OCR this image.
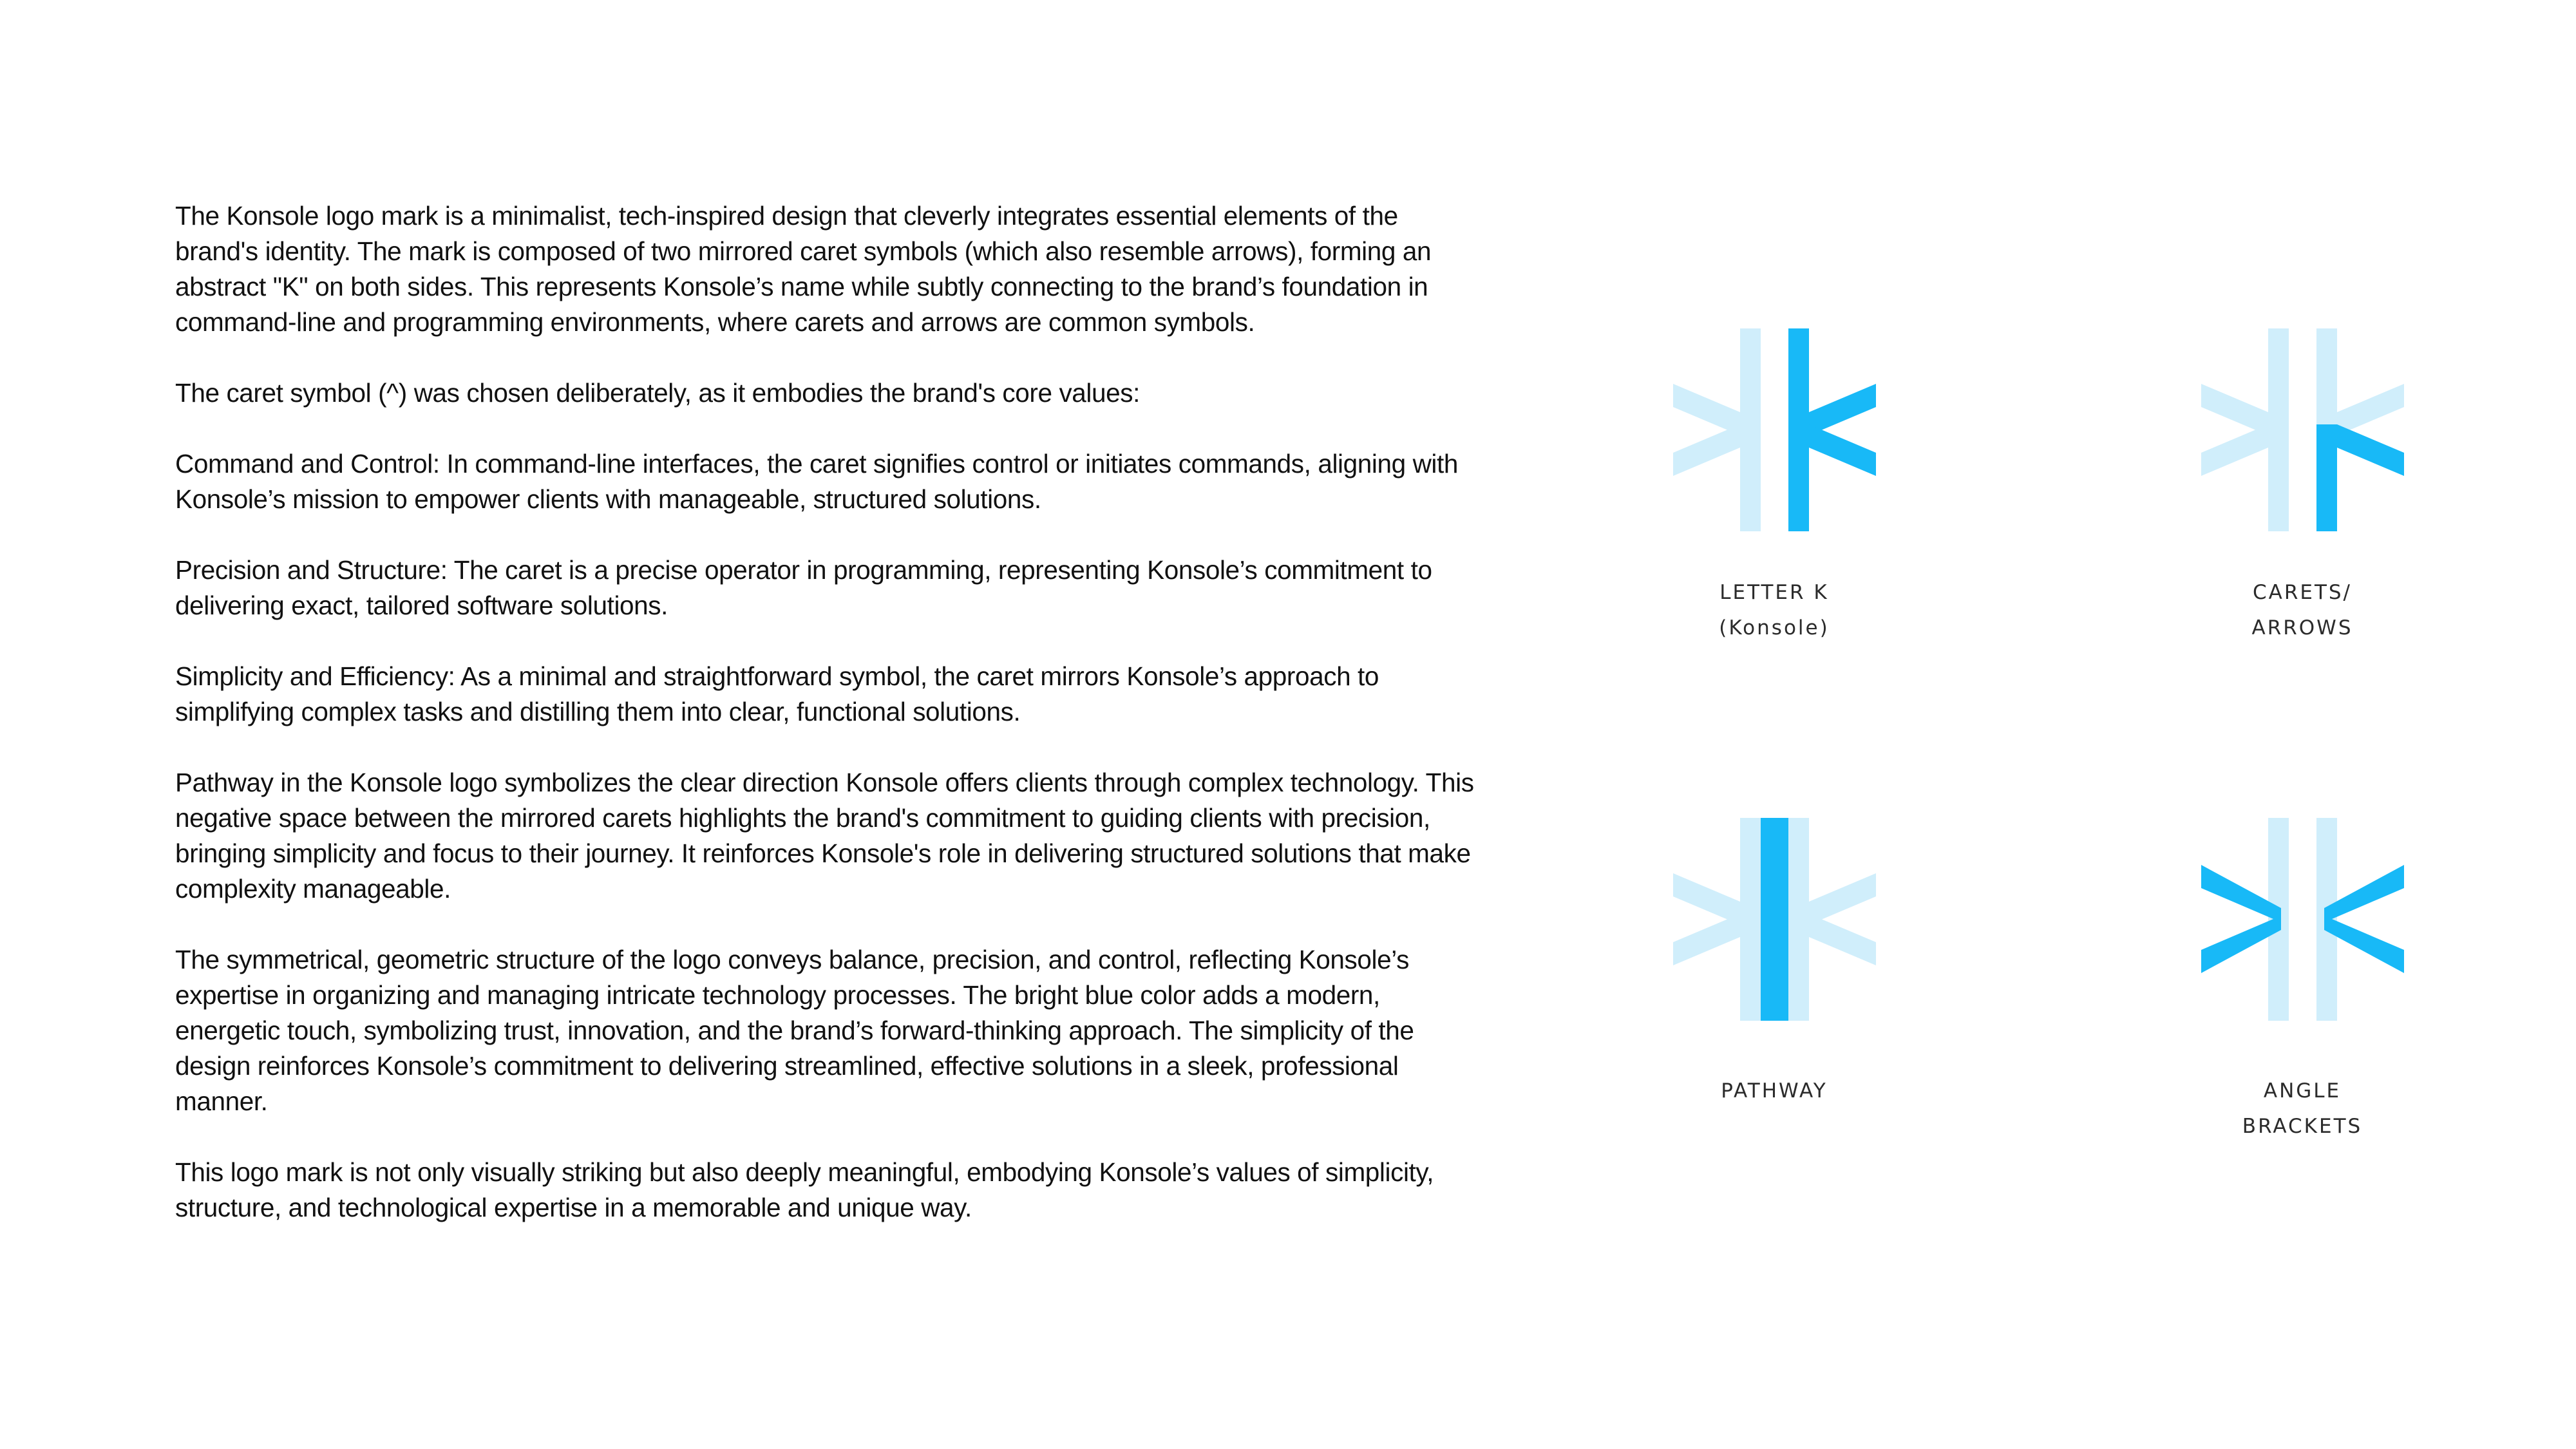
The Konsole logo mark is a minimalist, tech-inspired design that cleverly integrates essential elements of the brand's identity. The mark is composed of two mirrored caret symbols (which also resemble arrows), forming an abstract "K" on both sides. This represents Konsole’s name while subtly connecting to the brand’s foundation in command-line and programming environments, where carets and arrows are common symbols.

The caret symbol (^) was chosen deliberately, as it embodies the brand's core values:

Command and Control: In command-line interfaces, the caret signifies control or initiates commands, aligning with Konsole’s mission to empower clients with manageable, structured solutions.

Precision and Structure: The caret is a precise operator in programming, representing Konsole’s commitment to delivering exact, tailored software solutions.

Simplicity and Efficiency: As a minimal and straightforward symbol, the caret mirrors Konsole’s approach to simplifying complex tasks and distilling them into clear, functional solutions.

Pathway in the Konsole logo symbolizes the clear direction Konsole offers clients through complex technology. This negative space between the mirrored carets highlights the brand's commitment to guiding clients with precision, bringing simplicity and focus to their journey. It reinforces Konsole's role in delivering structured solutions that make complexity manageable.

The symmetrical, geometric structure of the logo conveys balance, precision, and control, reflecting Konsole’s expertise in organizing and managing intricate technology processes. The bright blue color adds a modern, energetic touch, symbolizing trust, innovation, and the brand’s forward-thinking approach. The simplicity of the design reinforces Konsole’s commitment to delivering streamlined, effective solutions in a sleek, professional manner.

This logo mark is not only visually striking but also deeply meaningful, embodying Konsole’s values of simplicity, structure, and technological expertise in a memorable and unique way.

LETTER K
(Konsole)
CARETS/
ARROWS
PATHWAY	ANGLE
BRACKETS
